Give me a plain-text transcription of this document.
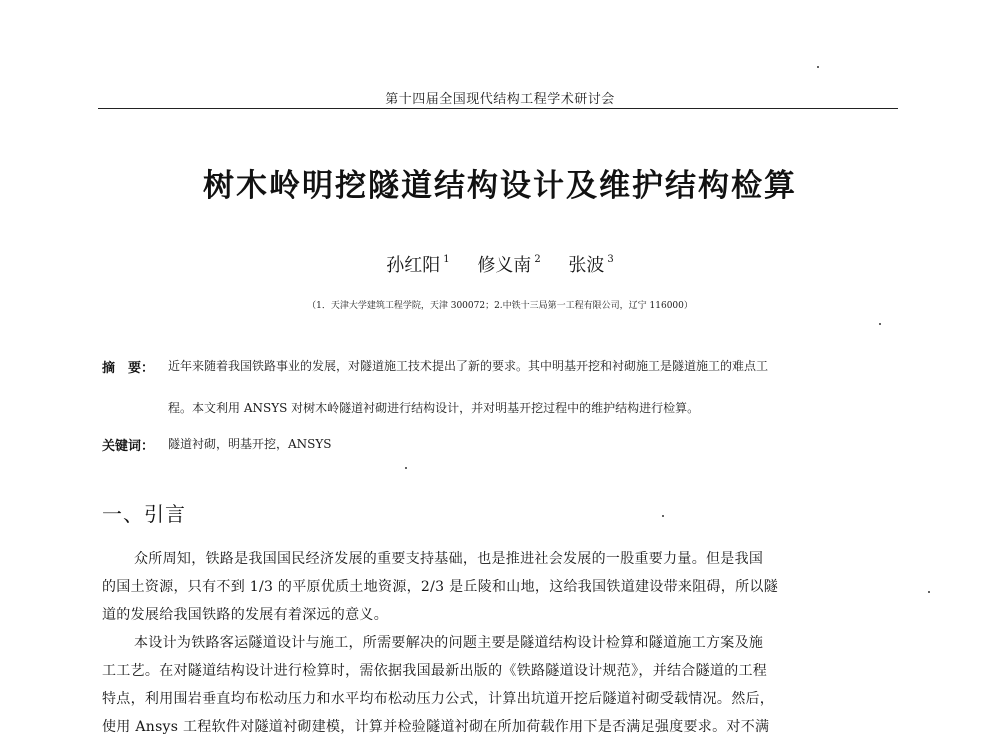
第十四届全国现代结构工程学术研讨会
树木岭明挖隧道结构设计及维护结构检算
孙红阳 $^1$ 修义南 $^2$ 张波 $^3$
（1．天津大学建筑工程学院，天津 300072；2.中铁十三局第一工程有限公司，辽宁 116000）
摘　要： 近年来随着我国铁路事业的发展，对隧道施工技术提出了新的要求。其中明基开挖和衬砌施工是隧道施工的难点工
程。本文利用 ANSYS 对树木岭隧道衬砌进行结构设计，并对明基开挖过程中的维护结构进行检算。
关键词： 隧道衬砌，明基开挖，ANSYS
一、引言
众所周知，铁路是我国国民经济发展的重要支持基础，也是推进社会发展的一股重要力量。但是我国
的国土资源，只有不到 1/3 的平原优质土地资源，2/3 是丘陵和山地，这给我国铁道建设带来阻碍，所以隧
道的发展给我国铁路的发展有着深远的意义。
本设计为铁路客运隧道设计与施工，所需要解决的问题主要是隧道结构设计检算和隧道施工方案及施
工工艺。在对隧道结构设计进行检算时，需依据我国最新出版的《铁路隧道设计规范》，并结合隧道的工程
特点，利用围岩垂直均布松动压力和水平均布松动压力公式，计算出坑道开挖后隧道衬砌受载情况。然后，
使用 Ansys 工程软件对隧道衬砌建模，计算并检验隧道衬砌在所加荷载作用下是否满足强度要求。对不满
